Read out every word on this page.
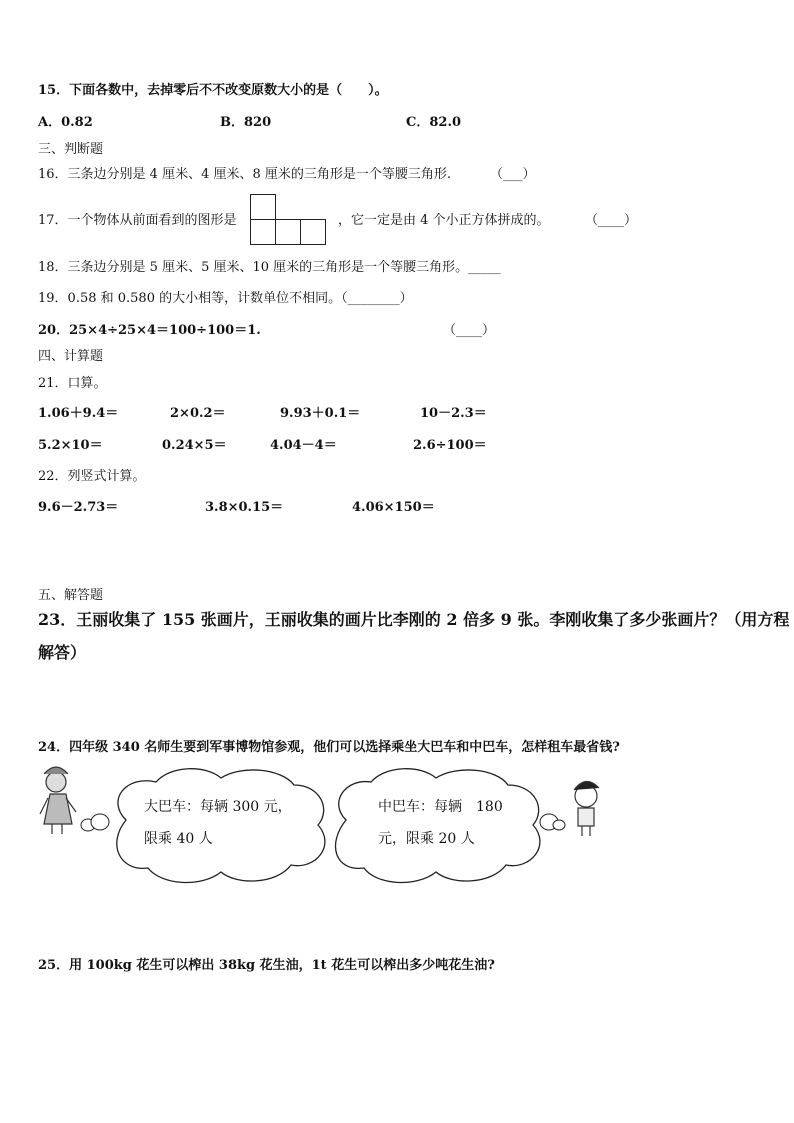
15．下面各数中，去掉零后不不改变原数大小的是（　　）。
A．0.82	B．820	C．82.0
三、判断题
16．三条边分别是 4 厘米、4 厘米、8 厘米的三角形是一个等腰三角形.	（___）
17．一个物体从前面看到的图形是	，它一定是由 4 个小正方体拼成的。	（____）
18．三条边分别是 5 厘米、5 厘米、10 厘米的三角形是一个等腰三角形。_____
19．0.58 和 0.580 的大小相等，计数单位不相同。（________）
20．25×4÷25×4＝100÷100＝1.	（____）
四、计算题
21．口算。
1.06＋9.4＝	2×0.2＝	9.93＋0.1＝	10－2.3＝
5.2×10＝	0.24×5＝	4.04－4＝	2.6÷100＝
22．列竖式计算。
9.6－2.73＝	3.8×0.15＝	4.06×150＝
五、解答题
23．王丽收集了 155 张画片，王丽收集的画片比李刚的 2 倍多 9 张。李刚收集了多少张画片？（用方程
解答）
24．四年级 340 名师生要到军事博物馆参观，他们可以选择乘坐大巴车和中巴车，怎样租车最省钱?
大巴车：每辆 300 元，
限乘 40 人
中巴车：每辆　180
元，限乘 20 人
25．用 100kg 花生可以榨出 38kg 花生油，1t 花生可以榨出多少吨花生油?
